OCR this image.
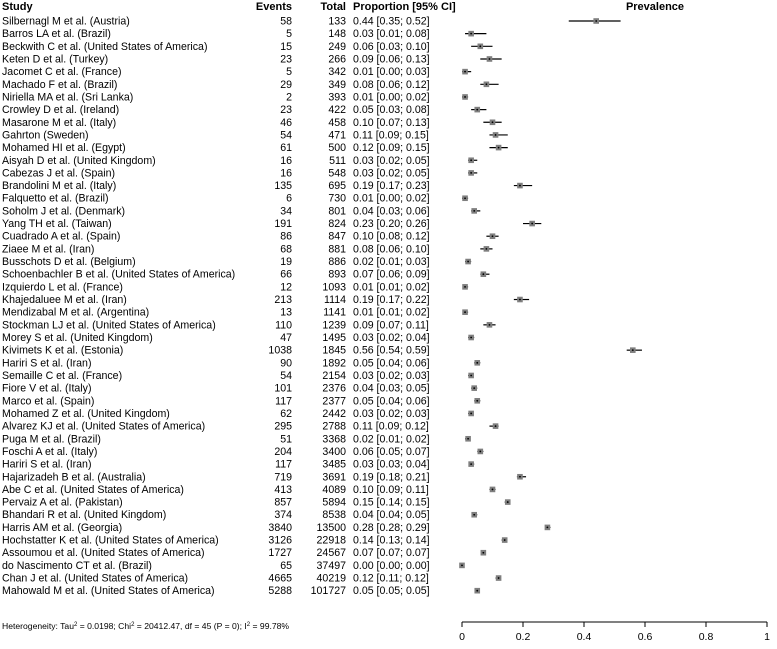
Study	Events	Total Proportion [95% CI]	Prevalence
Silbernagl M et al. (Austria)	58	133 0.44 [0.35; 0.52]
Barros LA et al. (Brazil)	5	148 0.03 [0.01; 0.08]
Beckwith C et al. (United States of America)	15	249 0.06 [0.03; 0.10]
Keten D et al. (Turkey)	23	266 0.09 [0.06; 0.13]
Jacomet C et al. (France)	5	342 0.01 [0.00; 0.03]
Machado F et al. (Brazil)	29	349 0.08 [0.06; 0.12]
Niriella MA et al. (Sri Lanka)	2	393 0.01 [0.00; 0.02]
Crowley D et al. (Ireland)	23	422 0.05 [0.03; 0.08]
Masarone M et al. (Italy)	46	458 0.10 [0.07; 0.13]
Gahrton (Sweden)	54	471 0.11 [0.09; 0.15]
Mohamed HI et al. (Egypt)	61	500 0.12 [0.09; 0.15]
Aisyah D et al. (United Kingdom)	16	511 0.03 [0.02; 0.05]
Cabezas J et al. (Spain)	16	548 0.03 [0.02; 0.05]
Brandolini M et al. (Italy)	135	695 0.19 [0.17; 0.23]
Falquetto et al. (Brazil)	6	730 0.01 [0.00; 0.02]
Soholm J et al. (Denmark)	34	801 0.04 [0.03; 0.06]
Yang TH et al. (Taiwan)	191	824 0.23 [0.20; 0.26]
Cuadrado A et al. (Spain)	86	847 0.10 [0.08; 0.12]
Ziaee M et al. (Iran)	68	881 0.08 [0.06; 0.10]
Busschots D et al. (Belgium)	19	886 0.02 [0.01; 0.03]
Schoenbachler B et al. (United States of America)	66	893 0.07 [0.06; 0.09]
Izquierdo L et al. (France)	12	1093 0.01 [0.01; 0.02]
Khajedaluee M et al. (Iran)	213	1114 0.19 [0.17; 0.22]
Mendizabal M et al. (Argentina)	13	1141 0.01 [0.01; 0.02]
Stockman LJ et al. (United States of America)	110	1239 0.09 [0.07; 0.11]
Morey S et al. (United Kingdom)	47	1495 0.03 [0.02; 0.04]
Kivimets K et al. (Estonia)	1038	1845 0.56 [0.54; 0.59]
Hariri S et al. (Iran)	90	1892 0.05 [0.04; 0.06]
Semaille C et al. (France)	54	2154 0.03 [0.02; 0.03]
Fiore V et al. (Italy)	101	2376 0.04 [0.03; 0.05]
Marco et al. (Spain)	117	2377 0.05 [0.04; 0.06]
Mohamed Z et al. (United Kingdom)	62	2442 0.03 [0.02; 0.03]
Alvarez KJ et al. (United States of America)	295	2788 0.11 [0.09; 0.12]
Puga M et al. (Brazil)	51	3368 0.02 [0.01; 0.02]
Foschi A et al. (Italy)	204	3400 0.06 [0.05; 0.07]
Hariri S et al. (Iran)	117	3485 0.03 [0.03; 0.04]
Hajarizadeh B et al. (Australia)	719	3691 0.19 [0.18; 0.21]
Abe C et al. (United States of America)	413	4089 0.10 [0.09; 0.11]
Pervaiz A et al. (Pakistan)	857	5894 0.15 [0.14; 0.15]
Bhandari R et al. (United Kingdom)	374	8538 0.04 [0.04; 0.05]
Harris AM et al. (Georgia)	3840 13500 0.28 [0.28; 0.29]
Hochstatter K et al. (United States of America)	3126 22918 0.14 [0.13; 0.14]
Assoumou et al. (United States of America)	1727 24567 0.07 [0.07; 0.07]
do Nascimento CT et al. (Brazil)	65 37497 0.00 [0.00; 0.00]
Chan J et al. (United States of America)	4665 40219 0.12 [0.11; 0.12]
Mahowald M et al. (United States of America)	5288 101727 0.05 [0.05; 0.05]
Heterogeneity: Tau$^2$ = 0.0198; Chi$^2$ = 20412.47, df = 45 (P = 0); $I^2 = 99.78\%$
0	0.2	0.4	0.6	0.8	1
